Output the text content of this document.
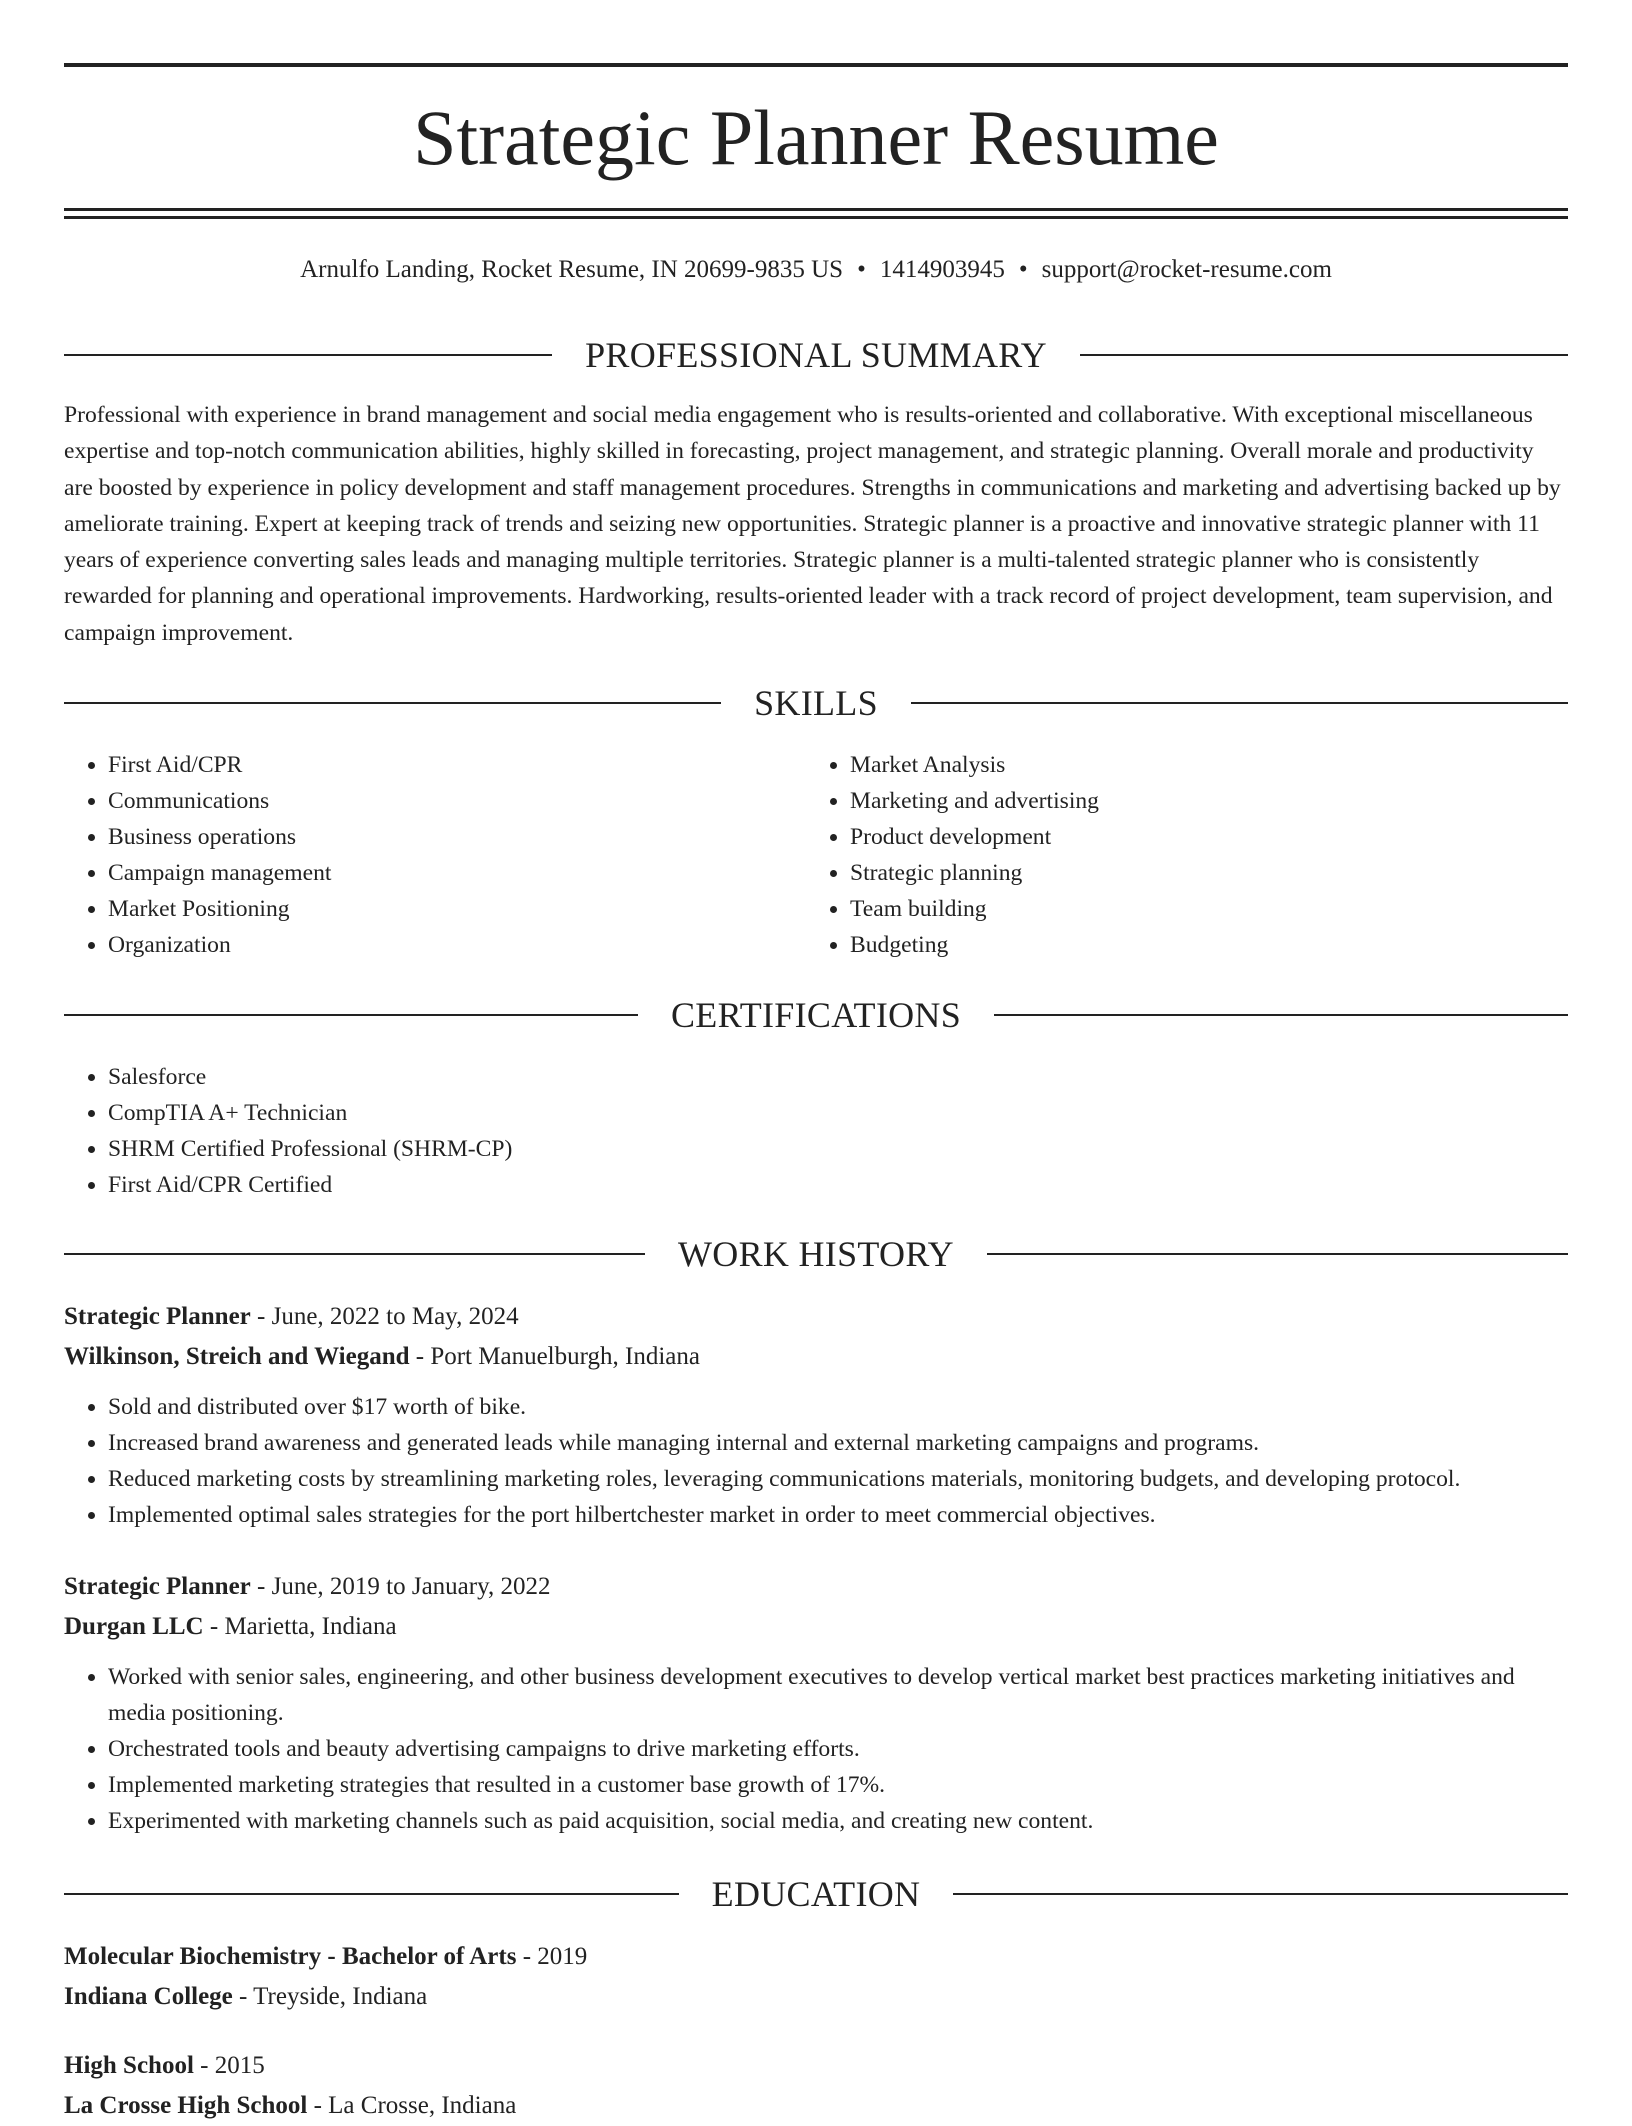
Strategic Planner Resume
Arnulfo Landing, Rocket Resume, IN 20699-9835 US • 1414903945 • support@rocket-resume.com
PROFESSIONAL SUMMARY

Professional with experience in brand management and social media engagement who is results-oriented and collaborative. With exceptional miscellaneous expertise and top-notch communication abilities, highly skilled in forecasting, project management, and strategic planning. Overall morale and productivity are boosted by experience in policy development and staff management procedures. Strengths in communications and marketing and advertising backed up by ameliorate training. Expert at keeping track of trends and seizing new opportunities. Strategic planner is a proactive and innovative strategic planner with 11 years of experience converting sales leads and managing multiple territories. Strategic planner is a multi-talented strategic planner who is consistently rewarded for planning and operational improvements. Hardworking, results-oriented leader with a track record of project development, team supervision, and campaign improvement.

SKILLS
• First Aid/CPR
• Communications
• Business operations
• Campaign management
• Market Positioning
• Organization
• Market Analysis
• Marketing and advertising
• Product development
• Strategic planning
• Team building
• Budgeting
CERTIFICATIONS
• Salesforce
• CompTIA A+ Technician
• SHRM Certified Professional (SHRM-CP)
• First Aid/CPR Certified
WORK HISTORY
Strategic Planner - June, 2022 to May, 2024
Wilkinson, Streich and Wiegand - Port Manuelburgh, Indiana
• Sold and distributed over $17 worth of bike.
• Increased brand awareness and generated leads while managing internal and external marketing campaigns and programs.
• Reduced marketing costs by streamlining marketing roles, leveraging communications materials, monitoring budgets, and developing protocol.
• Implemented optimal sales strategies for the port hilbertchester market in order to meet commercial objectives.
Strategic Planner - June, 2019 to January, 2022
Durgan LLC - Marietta, Indiana
• Worked with senior sales, engineering, and other business development executives to develop vertical market best practices marketing initiatives and media positioning.
• Orchestrated tools and beauty advertising campaigns to drive marketing efforts.
• Implemented marketing strategies that resulted in a customer base growth of 17%.
• Experimented with marketing channels such as paid acquisition, social media, and creating new content.
EDUCATION
Molecular Biochemistry - Bachelor of Arts - 2019
Indiana College - Treyside, Indiana
High School - 2015
La Crosse High School - La Crosse, Indiana
